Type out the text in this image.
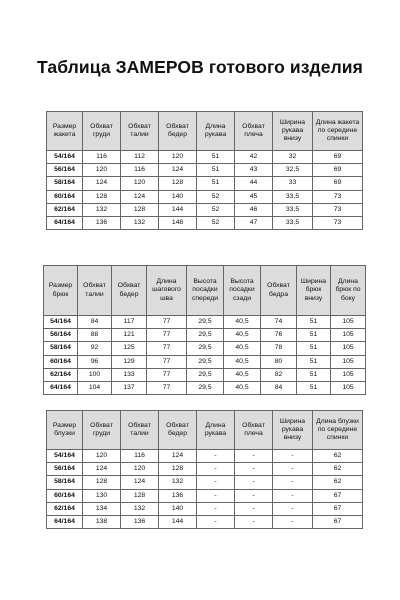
Таблица ЗАМЕРОВ готового изделия
Размер жакета	Обхват груди	Обхват талии	Обхват бедер	Длина рукава	Обхват плеча	Ширина рукава внизу	Длина жакета по середине спинки
54/164	116	112	120	51	42	32	69
56/164	120	116	124	51	43	32,5	69
58/164	124	120	128	51	44	33	69
60/164	128	124	140	52	45	33,5	73
62/164	132	128	144	52	46	33,5	73
64/164	136	132	148	52	47	33,5	73
Размер брюк	Обхват талии	Обхват бедер	Длина шагового шва	Высота посадки спереди	Высота посадки сзади	Обхват бедра	Ширина брюк внизу	Длина брюк по боку
54/164	84	117	77	29,5	40,5	74	51	105
56/164	88	121	77	29,5	40,5	76	51	105
58/164	92	125	77	29,5	40,5	78	51	105
60/164	96	129	77	29,5	40,5	80	51	105
62/164	100	133	77	29,5	40,5	82	51	105
64/164	104	137	77	29,5	40,5	84	51	105
Размер блузки	Обхват груди	Обхват талии	Обхват бедер	Длина рукава	Обхват плеча	Ширина рукава внизу	Длина блузки по середине спинки
54/164	120	116	124	-	-	-	62
56/164	124	120	128	-	-	-	62
58/164	128	124	132	-	-	-	62
60/164	130	128	136	-	-	-	67
62/164	134	132	140	-	-	-	67
64/164	138	136	144	-	-	-	67
